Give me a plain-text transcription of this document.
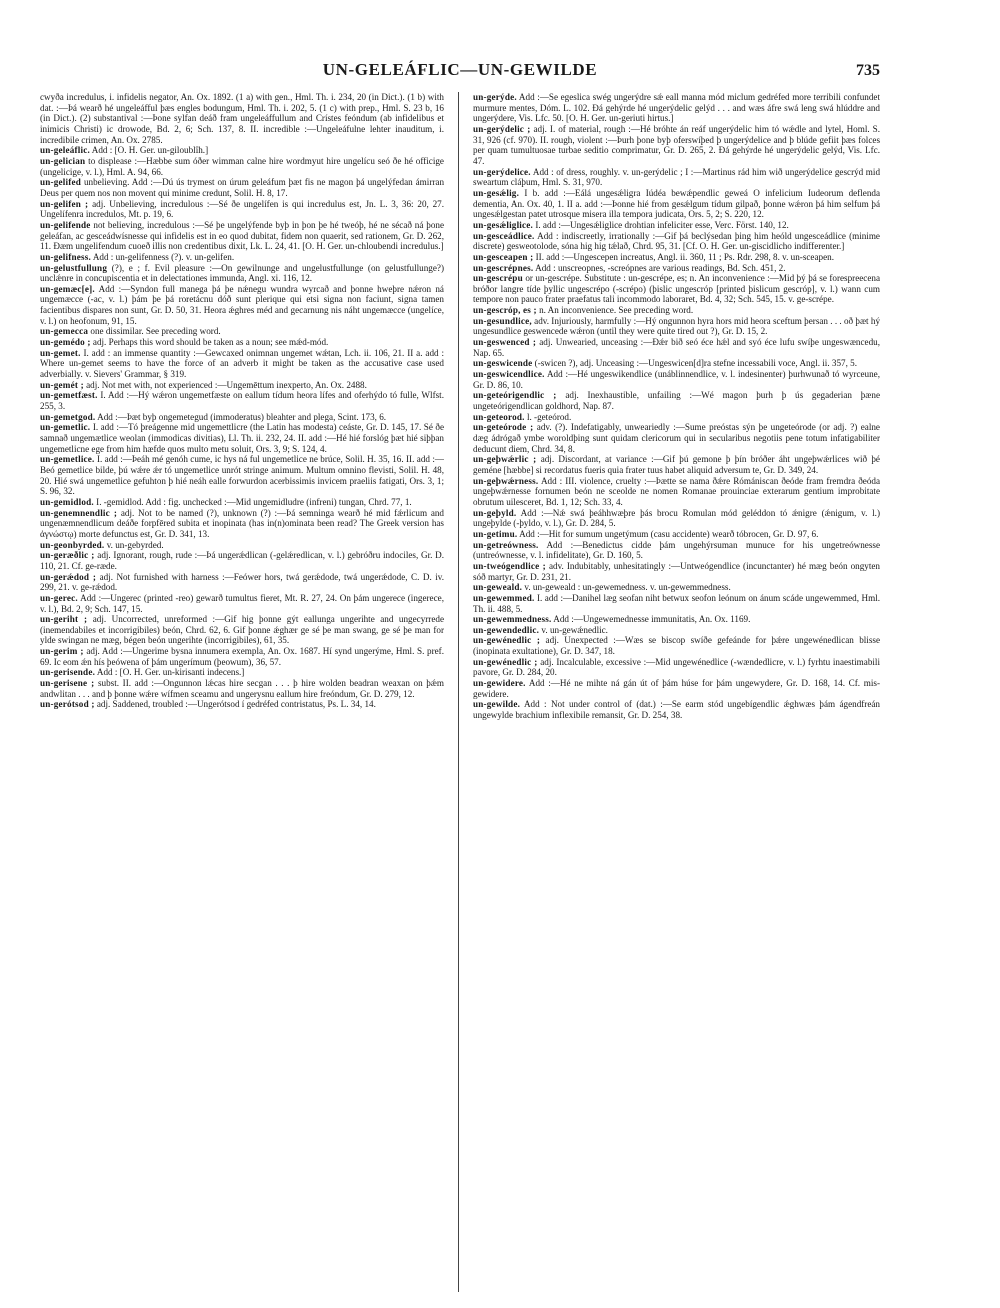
UN-GELEÁFLIC—UN-GEWILDE	735

cwyða incredulus, i. infidelis negator, An. Ox. 1892. (1 a) with gen., Hml. Th. i. 234, 20 (in Dict.). (1 b) with dat. :—Þá wearð hé ungeleáfful þæs engles bodungum, Hml. Th. i. 202, 5. (1 c) with prep., Hml. S. 23 b, 16 (in Dict.). (2) substantival :—Þone sylfan deáð fram ungeleáffullum and Crístes feóndum (ab infidelibus et inimicis Christi) ic drowode, Bd. 2, 6; Sch. 137, 8. II. incredible :—Ungeleáfulne lehter inauditum, i. incredibile crimen, An. Ox. 2785.

un-geleáflic. Add : [O. H. Ger. un-giloublîh.]

un-gelician to displease :—Hæbbe sum óðer wimman calne hire wordmyut hire ungelícu seó ðe hé officige (ungelicige, v. l.), Hml. A. 94, 66.

un-gelifed unbelieving. Add :—Dú ús trymest on úrum geleáfum þæt fis ne magon þá ungelýfedan ámirran Deus per quem nos non movent qui minime credunt, Solil. H. 8, 17.

un-gelifen ; adj. Unbelieving, incredulous :—Sé ðe ungelífen is qui incredulus est, Jn. L. 3, 36: 20, 27. Ungelífenra incredulos, Mt. p. 19, 6.

un-gelifende not believing, incredulous :—Sé þe ungelýfende byþ in þon þe hé tweóþ, hé ne sécað ná þone geleáfan, ac gesceádwísnesse qui infidelis est in eo quod dubitat, fidem non quaerit, sed rationem, Gr. D. 262, 11. Ðæm ungelifendum cuoeð illis non credentibus dixit, Lk. L. 24, 41. [O. H. Ger. un-chloubendi incredulus.]

un-gelifness. Add : un-gelifenness (?). v. un-gelifen.

un-gelustfullung (?), e ; f. Evil pleasure :—On gewilnunge and ungelustfullunge (on gelustfullunge?) unclǽnre in concupiscentia et in delectationes immunda, Angl. xi. 116, 12.

un-gemæc[e]. Add :—Syndon full manega þá þe nǽnegu wundra wyrcað and þonne hweþre nǽron ná ungemæcce (-ac, v. l.) þám þe þá roretácnu dóð sunt plerique qui etsi signa non faciunt, signa tamen facientibus dispares non sunt, Gr. D. 50, 31. Heora ǽghres méd and gecarnung nis náht ungemæcce (ungelíce, v. l.) on heofonum, 91, 15.

un-gemecca one dissimilar. See preceding word.

un-gemédo ; adj. Perhaps this word should be taken as a noun; see mǽd-mód.

un-gemet. I. add : an immense quantity :—Gewcaxed onimnan ungemet wǽtan, Lch. ii. 106, 21. II a. add : Where un-gemet seems to have the force of an adverb it might be taken as the accusative case used adverbially. v. Sievers' Grammar, § 319.

un-gemét ; adj. Not met with, not experienced :—Ungemēttum inexperto, An. Ox. 2488.

un-gemetfæst. I. Add :—Hý wǽron ungemetfæste on eallum tídum heora lífes and oferhýdo tó fulle, Wlfst. 255, 3.

un-gemetgod. Add :—Þæt byþ ongemetegud (immoderatus) bleahter and plega, Scint. 173, 6.

un-gemetlic. I. add :—Tó þreágenne mid ungemettlicre (the Latin has modesta) ceáste, Gr. D. 145, 17. Sé ðe samnað ungemætlice weolan (immodicas divitias), Ll. Th. ii. 232, 24. II. add :—Hé hié forslóg þæt hié siþþan ungemetlicne ege from him hæfde quos multo metu soluit, Ors. 3, 9; S. 124, 4.

un-gemetlice. I. add :—Þeáh mé genóh cume, ic hys ná ful ungemetlice ne brúce, Solil. H. 35, 16. II. add :—Beó gemetlice bilde, þú wǽre ǽr tó ungemetlice unrót stringe animum. Multum omnino flevisti, Solil. H. 48, 20. Hié swá ungemetlice gefuhton þ hié neáh ealle forwurdon acerbissimis invicem praeliis fatigati, Ors. 3, 1; S. 96, 32.

un-gemidlod. I. -gemidlod. Add : fig. unchecked :—Mid ungemidludre (infreni) tungan, Chrd. 77, 1.

un-genemnendlic ; adj. Not to be named (?), unknown (?) :—Þá semninga wearð hé mid fǽrlicum and ungenæmnendlicum deáðe forpfēred subita et inopinata (has in(n)ominata been read? The Greek version has ἀγνώστῳ) morte defunctus est, Gr. D. 341, 13.

un-geonbyrded. v. un-gebyrded.

un-geræðlic ; adj. Ignorant, rough, rude :—Þá ungerǽdlican (-gelǽredlican, v. l.) gebróðru indociles, Gr. D. 110, 21. Cf. ge-ræde.

un-gerǽdod ; adj. Not furnished with harness :—Feówer hors, twá gerǽdode, twá ungerǽdode, C. D. iv. 299, 21. v. ge-rǽdod.

un-gerec. Add :—Ungerec (printed -reo) gewarð tumultus fieret, Mt. R. 27, 24. On þám ungerece (ingerece, v. l.), Bd. 2, 9; Sch. 147, 15.

un-geriht ; adj. Uncorrected, unreformed :—Gif hig þonne gýt eallunga ungerihte and ungecyrrede (inemendabiles et incorrigibiles) beón, Chrd. 62, 6. Gif þonne ǽghær ge sé þe man swang, ge sé þe man for ylde swingan ne mæg, bégen beón ungerihte (incorrigibiles), 61, 35.

un-gerim ; adj. Add :—Ungerime bysna innumera exempla, An. Ox. 1687. Hí synd ungerýme, Hml. S. pref. 69. Ic eom ǽn hís þeówena of þám ungerímum (þeowum), 36, 57.

un-gerisende. Add : [O. H. Ger. un-kirisanti indecens.]

un-gerisene ; subst. II. add :—Ongunnon lǽcas hire secgan . . . þ hire wolden beadran weaxan on þǽm andwlitan . . . and þ þonne wǽre wífmen sceamu and ungerysnu eallum hire freóndum, Gr. D. 279, 12.

un-gerótsod ; adj. Saddened, troubled :—Ungerótsod í gedréfed contristatus, Ps. L. 34, 14.

un-gerýde. Add :—Se egeslica swég ungerýdre sǽ eall manna mód miclum gedréfed more terribili confundet murmure mentes, Dóm. L. 102. Ðá gehýrde hé ungerýdelic gelýd . . . and wæs áfre swá leng swá hlúddre and ungerýdere, Vis. Lfc. 50. [O. H. Ger. un-geriuti hirtus.]

un-gerýdelic ; adj. I. of material, rough :—Hé bróhte án reáf ungerýdelic him tó wǽdle and lytel, Homl. S. 31, 926 (cf. 970). II. rough, violent :—Þurh þone byþ oferswíþed þ ungerýdelice and þ blúde gefiit þæs folces per quam tumultuosae turbae seditio comprimatur, Gr. D. 265, 2. Ðá gehýrde hé ungerýdelic gelýd, Vis. Lfc. 47.

un-gerýdelice. Add : of dress, roughly. v. un-gerýdelic ; I :—Martinus rád him wið ungerýdelice gescrýd mid sweartum cláþum, Hml. S. 31, 970.

un-gesǽlig. I b. add :—Eálá ungesǽligra Iúdéa bewǽpendlic geweá O infelicium Iudeorum deflenda dementia, An. Ox. 40, 1. II a. add :—Þonne hié from gesǽlgum tídum gilpað, þonne wǽron þá him selfum þá ungesǽlgestan patet utrosque misera illa tempora judicata, Ors. 5, 2; S. 220, 12.

un-gesǽliglice. I. add :—Ungesǽliglice drohtian infeliciter esse, Verc. Först. 140, 12.

un-gesceádlice. Add : indiscreetly, irrationally :—Gif þá beclýsedan þing him heóld ungesceádlice (minime discrete) gesweotolode, sóna hig hig tǽlað, Chrd. 95, 31. [Cf. O. H. Ger. un-giscidlicho indifferenter.]

un-gesceapen ; II. add :—Ungescepen increatus, Angl. ii. 360, 11 ; Ps. Rdr. 298, 8. v. un-sceapen.

un-gescrépnes. Add : unscreopnes, -screópnes are various readings, Bd. Sch. 451, 2.

un-gescrépu or un-gescrépe. Substitute : un-gescrépe, es; n. An inconvenience :—Mid þý þá se forespreecena bróðor langre tíde þyllic ungescrépo (-scrépo) (þislic ungescróp [printed þislicum gescróp], v. l.) wann cum tempore non pauco frater praefatus tali incommodo laboraret, Bd. 4, 32; Sch. 545, 15. v. ge-scrépe.

un-gescróp, es ; n. An inconvenience. See preceding word.

un-gesundlice, adv. Injuriously, harmfully :—Hý ongunnon hyra hors mid heora sceftum þersan . . . oð þæt hý ungesundlice geswencede wǽron (until they were quite tired out ?), Gr. D. 15, 2.

un-geswenced ; adj. Unwearied, unceasing :—Ðǽr bið seó éce hǽl and syó éce lufu swíþe ungeswæncedu, Nap. 65.

un-geswicende (-swicen ?), adj. Unceasing :—Ungeswicen[d]ra stefne incessabili voce, Angl. ii. 357, 5.

un-geswicendlice. Add :—Hé ungeswikendlice (unáblinnendlice, v. l. indesinenter) þurhwunað tó wyrceune, Gr. D. 86, 10.

un-geteórigendlic ; adj. Inexhaustible, unfailing :—Wé magon þurh þ ús gegaderian þæne ungeteórigendlican goldhord, Nap. 87.

un-geteorod. l. -geteórod.

un-geteórode ; adv. (?). Indefatigably, unweariedly :—Sume preóstas sýn þe ungeteórode (or adj. ?) ealne dæg ádrógað ymbe woroldþing sunt quidam clericorum qui in secularibus negotiis pene totum infatigabiliter deducunt diem, Chrd. 34, 8.

un-geþwǽrlic ; adj. Discordant, at variance :—Gif þú gemone þ þín bróðer áht ungeþwǽrlices wið þé geméne [hæbbe] si recordatus fueris quia frater tuus habet aliquid adversum te, Gr. D. 349, 24.

un-geþwǽrness. Add : III. violence, cruelty :—Þætte se nama ðǽre Rómániscan ðeóde fram fremdra ðeóda ungeþwǽrnesse fornumen beón ne sceolde ne nomen Romanae prouinciae exterarum gentium improbitate obrutum uilesceret, Bd. 1, 12; Sch. 33, 4.

un-geþyld. Add :—Nǽ swá þeáhhwæþre þás brocu Romulan mód geléddon tó ǽnigre (ǽnigum, v. l.) ungeþylde (-þyldo, v. l.), Gr. D. 284, 5.

un-getimu. Add :—Hit for sumum ungetýmum (casu accidente) wearð tóbrocen, Gr. D. 97, 6.

un-getreówness. Add :—Benedictus cidde þám ungehýrsuman munuce for his ungetreównesse (untreównesse, v. l. infidelitate), Gr. D. 160, 5.

un-tweógendlice ; adv. Indubitably, unhesitatingly :—Untweógendlice (incunctanter) hé mæg beón ongyten sóð martyr, Gr. D. 231, 21.

un-geweald. v. un-geweald : un-gewemedness. v. un-gewemmedness.

un-gewemmed. I. add :—Danihel læg seofan niht betwux seofon leónum on ánum scáde ungewemmed, Hml. Th. ii. 488, 5.

un-gewemmedness. Add :—Ungewemednesse immunitatis, An. Ox. 1169.

un-gewendedlic. v. un-gewǽnedlic.

un-gewénedlic ; adj. Unexpected :—Wæs se biscop swíðe gefeánde for þǽre ungewénedlican blisse (inopinata exultatione), Gr. D. 347, 18.

un-gewénedlic ; adj. Incalculable, excessive :—Mid ungewénedlice (-wændedlicre, v. l.) fyrhtu inaestimabili pavore, Gr. D. 284, 20.

un-gewidere. Add :—Hé ne mihte ná gán út of þám húse for þám ungewydere, Gr. D. 168, 14. Cf. mis-gewidere.

un-gewilde. Add : Not under control of (dat.) :—Se earm stód ungebígendlic ǽghwæs þám ágendfreán ungewylde brachium inflexibile remansit, Gr. D. 254, 38.
